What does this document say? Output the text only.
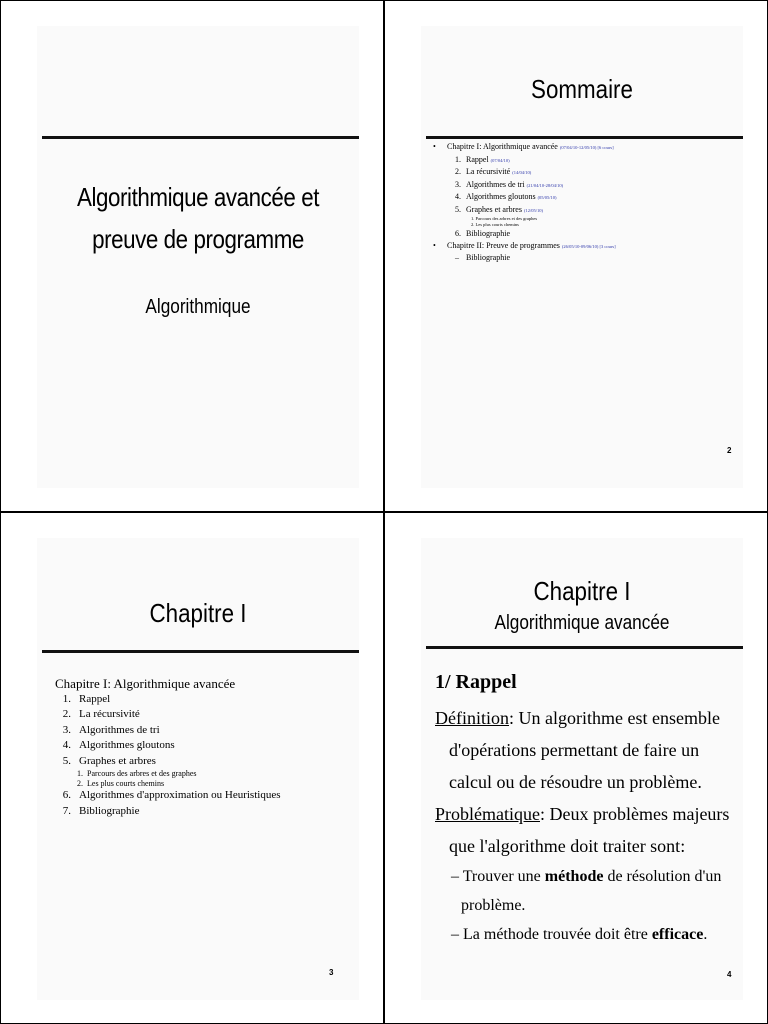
Algorithmique avancée et
preuve de programme
Algorithmique
Sommaire
• Chapitre I: Algorithmique avancée (07/04/10-12/05/10) [6 cours]
1. Rappel (07/04/10)
2. La récursivité (14/04/10)
3. Algorithmes de tri (21/04/10-28/04/10)
4. Algorithmes gloutons (05/05/10)
5. Graphes et arbres (12/05/10)
1. Parcours des arbres et des graphes
2. Les plus courts chemins
6. Bibliographie
• Chapitre II: Preuve de programmes (26/05/10-09/06/10) [3 cours]
– Bibliographie
2
Chapitre I
Chapitre I: Algorithmique avancée
1. Rappel
2. La récursivité
3. Algorithmes de tri
4. Algorithmes gloutons
5. Graphes et arbres
1. Parcours des arbres et des graphes
2. Les plus courts chemins
6. Algorithmes d'approximation ou Heuristiques
7. Bibliographie
3
Chapitre I
Algorithmique avancée
1/ Rappel
Définition: Un algorithme est ensemble
d'opérations permettant de faire un
calcul ou de résoudre un problème.
Problématique: Deux problèmes majeurs
que l'algorithme doit traiter sont:
– Trouver une méthode de résolution d'un
problème.
– La méthode trouvée doit être efficace.
4
